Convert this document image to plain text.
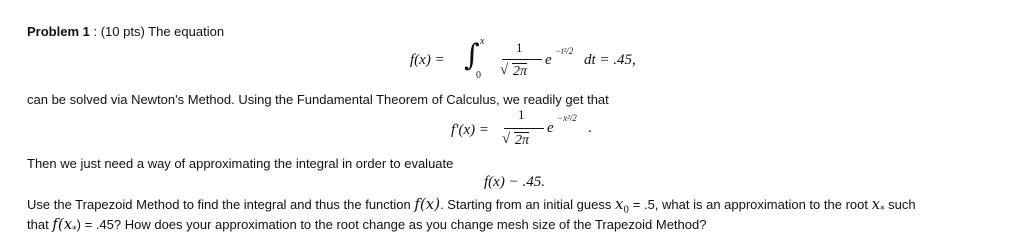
Problem 1 : (10 pts) The equation
f(x) = ∫ x
0
1
√ 2π
e
−t²/2
dt = .45,
can be solved via Newton's Method. Using the Fundamental Theorem of Calculus, we readily get that
f′(x) =
1
√ 2π
e
−x²/2
.
Then we just need a way of approximating the integral in order to evaluate
f(x) − .45.
Use the Trapezoid Method to find the integral and thus the function f(x). Starting from an initial guess $x_0 = .5$, what is an approximation to the root $x_*$ such
that $f(x_*) = .45$? How does your approximation to the root change as you change mesh size of the Trapezoid Method?
